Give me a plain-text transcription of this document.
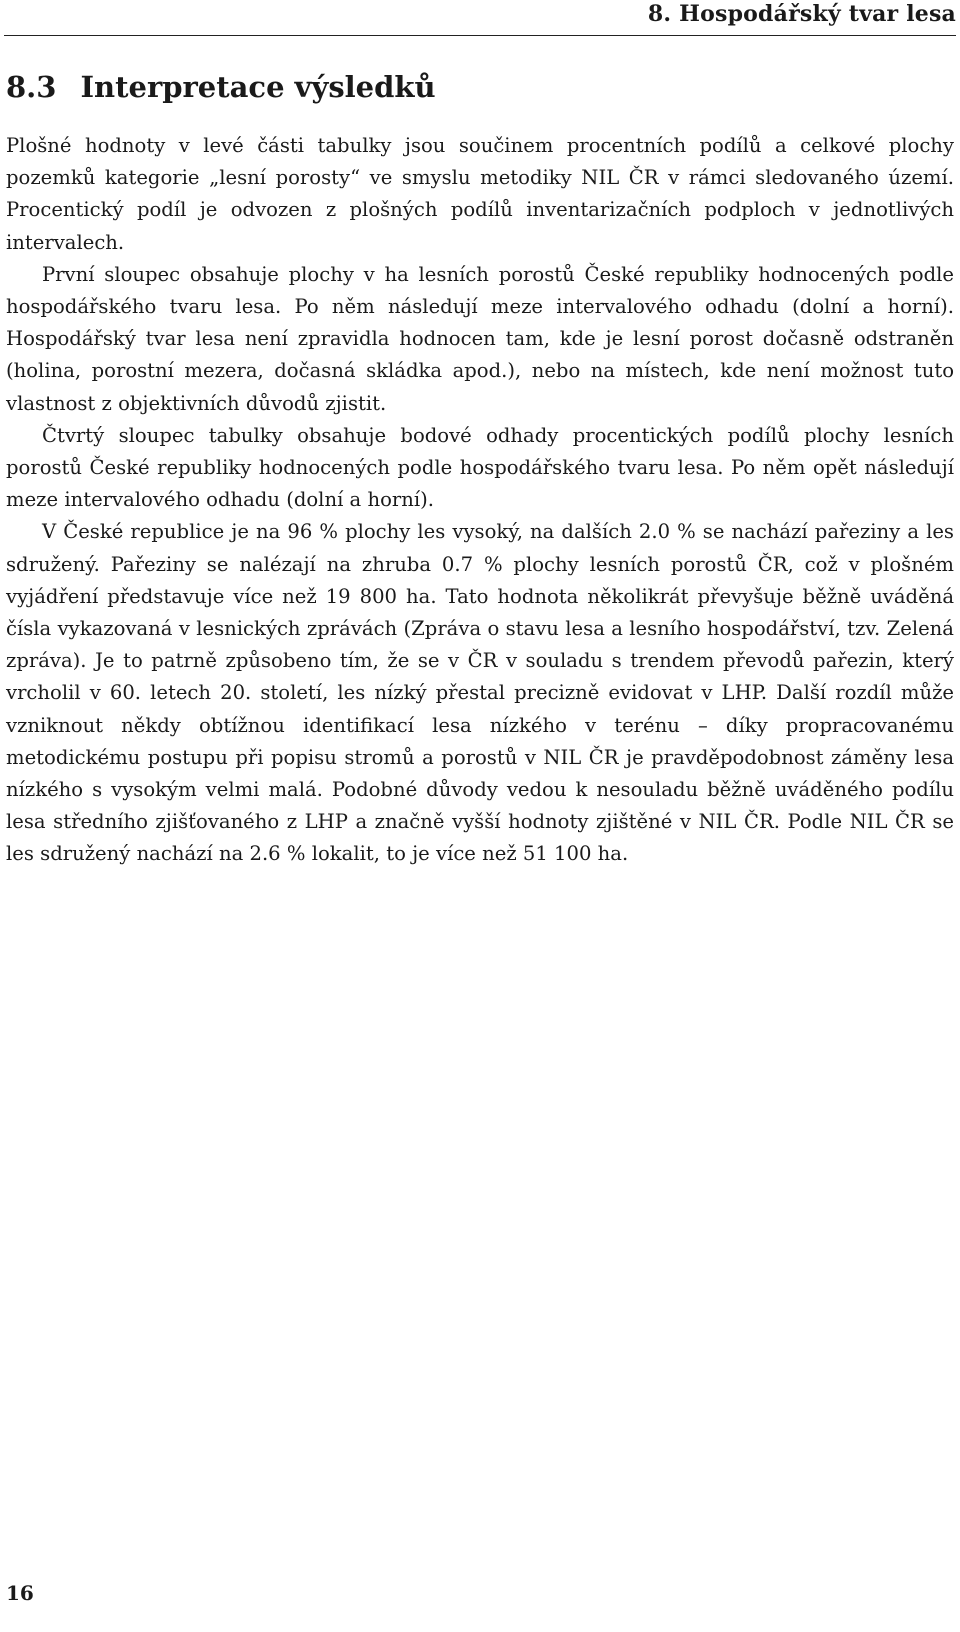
8. Hospodářský tvar lesa
8.3 Interpretace výsledků

Plošné hodnoty v levé části tabulky jsou součinem procentních podílů a celkové plochy pozemků kategorie „lesní porosty“ ve smyslu metodiky NIL ČR v rámci sledovaného území. Procentický podíl je odvozen z plošných podílů inventarizačních podploch v jednotlivých intervalech.

První sloupec obsahuje plochy v ha lesních porostů České republiky hodnocených podle hospodářského tvaru lesa. Po něm následují meze intervalového odhadu (dolní a horní). Hospodářský tvar lesa není zpravidla hodnocen tam, kde je lesní porost dočasně odstraněn (holina, porostní mezera, dočasná skládka apod.), nebo na místech, kde není možnost tuto vlastnost z objektivních důvodů zjistit.

Čtvrtý sloupec tabulky obsahuje bodové odhady procentických podílů plochy lesních porostů České republiky hodnocených podle hospodářského tvaru lesa. Po něm opět následují meze intervalového odhadu (dolní a horní).

V České republice je na 96 % plochy les vysoký, na dalších 2.0 % se nachází pařeziny a les sdružený. Pařeziny se nalézají na zhruba 0.7 % plochy lesních porostů ČR, což v plošném vyjádření představuje více než 19 800 ha. Tato hodnota několikrát převyšuje běžně uváděná čísla vykazovaná v lesnických zprávách (Zpráva o stavu lesa a lesního hospodářství, tzv. Zelená zpráva). Je to patrně způsobeno tím, že se v ČR v souladu s trendem převodů pařezin, který vrcholil v 60. letech 20. století, les nízký přestal precizně evidovat v LHP. Další rozdíl může vzniknout někdy obtížnou identifikací lesa nízkého v terénu – díky propracovanému metodickému postupu při popisu stromů a porostů v NIL ČR je pravděpodobnost záměny lesa nízkého s vysokým velmi malá. Podobné důvody vedou k nesouladu běžně uváděného podílu lesa středního zjišťovaného z LHP a značně vyšší hodnoty zjištěné v NIL ČR. Podle NIL ČR se les sdružený nachází na 2.6 % lokalit, to je více než 51 100 ha.

16
